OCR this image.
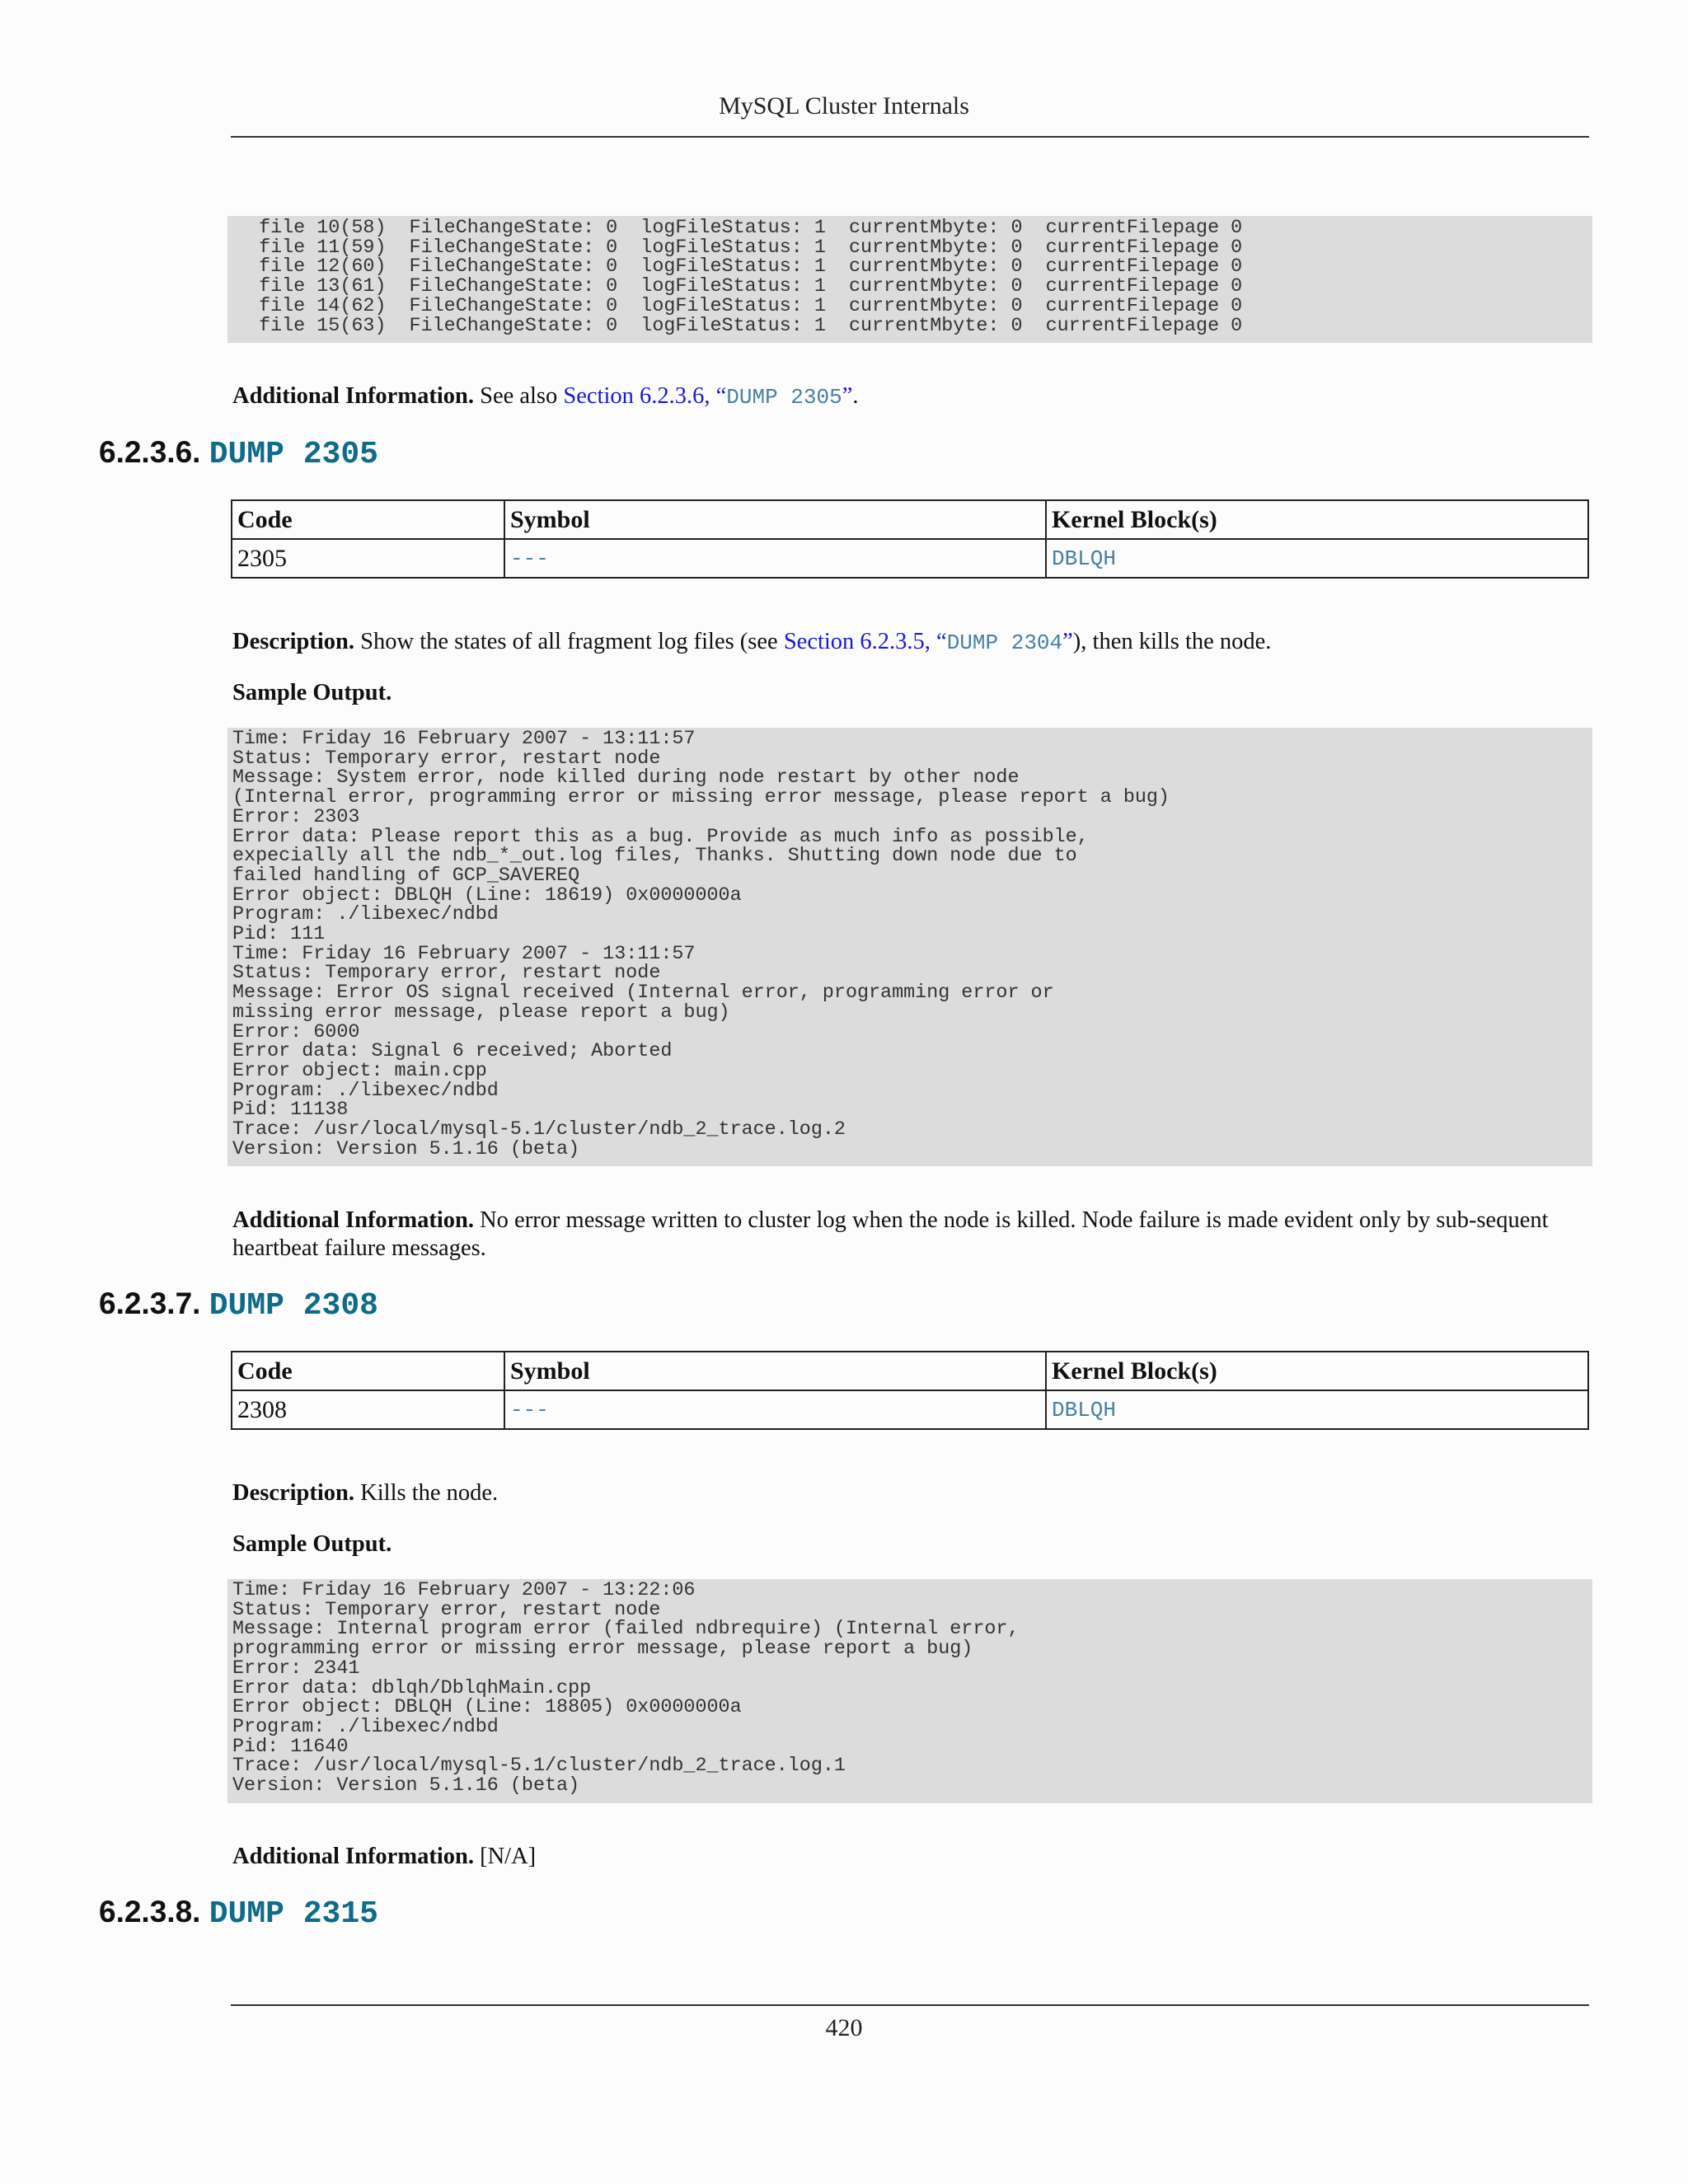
MySQL Cluster Internals
file 10(58)  FileChangeState: 0  logFileStatus: 1  currentMbyte: 0  currentFilepage 0
file 11(59)  FileChangeState: 0  logFileStatus: 1  currentMbyte: 0  currentFilepage 0
file 12(60)  FileChangeState: 0  logFileStatus: 1  currentMbyte: 0  currentFilepage 0
file 13(61)  FileChangeState: 0  logFileStatus: 1  currentMbyte: 0  currentFilepage 0
file 14(62)  FileChangeState: 0  logFileStatus: 1  currentMbyte: 0  currentFilepage 0
file 15(63)  FileChangeState: 0  logFileStatus: 1  currentMbyte: 0  currentFilepage 0
Additional Information. See also Section 6.2.3.6, “DUMP 2305”.
6.2.3.6. DUMP 2305
Code	Symbol	Kernel Block(s)
2305	---	DBLQH
Description. Show the states of all fragment log files (see Section 6.2.3.5, “DUMP 2304”), then kills the node.
Sample Output.
Time: Friday 16 February 2007 - 13:11:57
Status: Temporary error, restart node
Message: System error, node killed during node restart by other node
(Internal error, programming error or missing error message, please report a bug)
Error: 2303
Error data: Please report this as a bug. Provide as much info as possible,
expecially all the ndb_*_out.log files, Thanks. Shutting down node due to
failed handling of GCP_SAVEREQ
Error object: DBLQH (Line: 18619) 0x0000000a
Program: ./libexec/ndbd
Pid: 111
Time: Friday 16 February 2007 - 13:11:57
Status: Temporary error, restart node
Message: Error OS signal received (Internal error, programming error or
missing error message, please report a bug)
Error: 6000
Error data: Signal 6 received; Aborted
Error object: main.cpp
Program: ./libexec/ndbd
Pid: 11138
Trace: /usr/local/mysql-5.1/cluster/ndb_2_trace.log.2
Version: Version 5.1.16 (beta)
Additional Information. No error message written to cluster log when the node is killed. Node failure is made evident only by sub-sequent heartbeat failure messages.
6.2.3.7. DUMP 2308
Code	Symbol	Kernel Block(s)
2308	---	DBLQH
Description. Kills the node.
Sample Output.
Time: Friday 16 February 2007 - 13:22:06
Status: Temporary error, restart node
Message: Internal program error (failed ndbrequire) (Internal error,
programming error or missing error message, please report a bug)
Error: 2341
Error data: dblqh/DblqhMain.cpp
Error object: DBLQH (Line: 18805) 0x0000000a
Program: ./libexec/ndbd
Pid: 11640
Trace: /usr/local/mysql-5.1/cluster/ndb_2_trace.log.1
Version: Version 5.1.16 (beta)
Additional Information. [N/A]
6.2.3.8. DUMP 2315
420
